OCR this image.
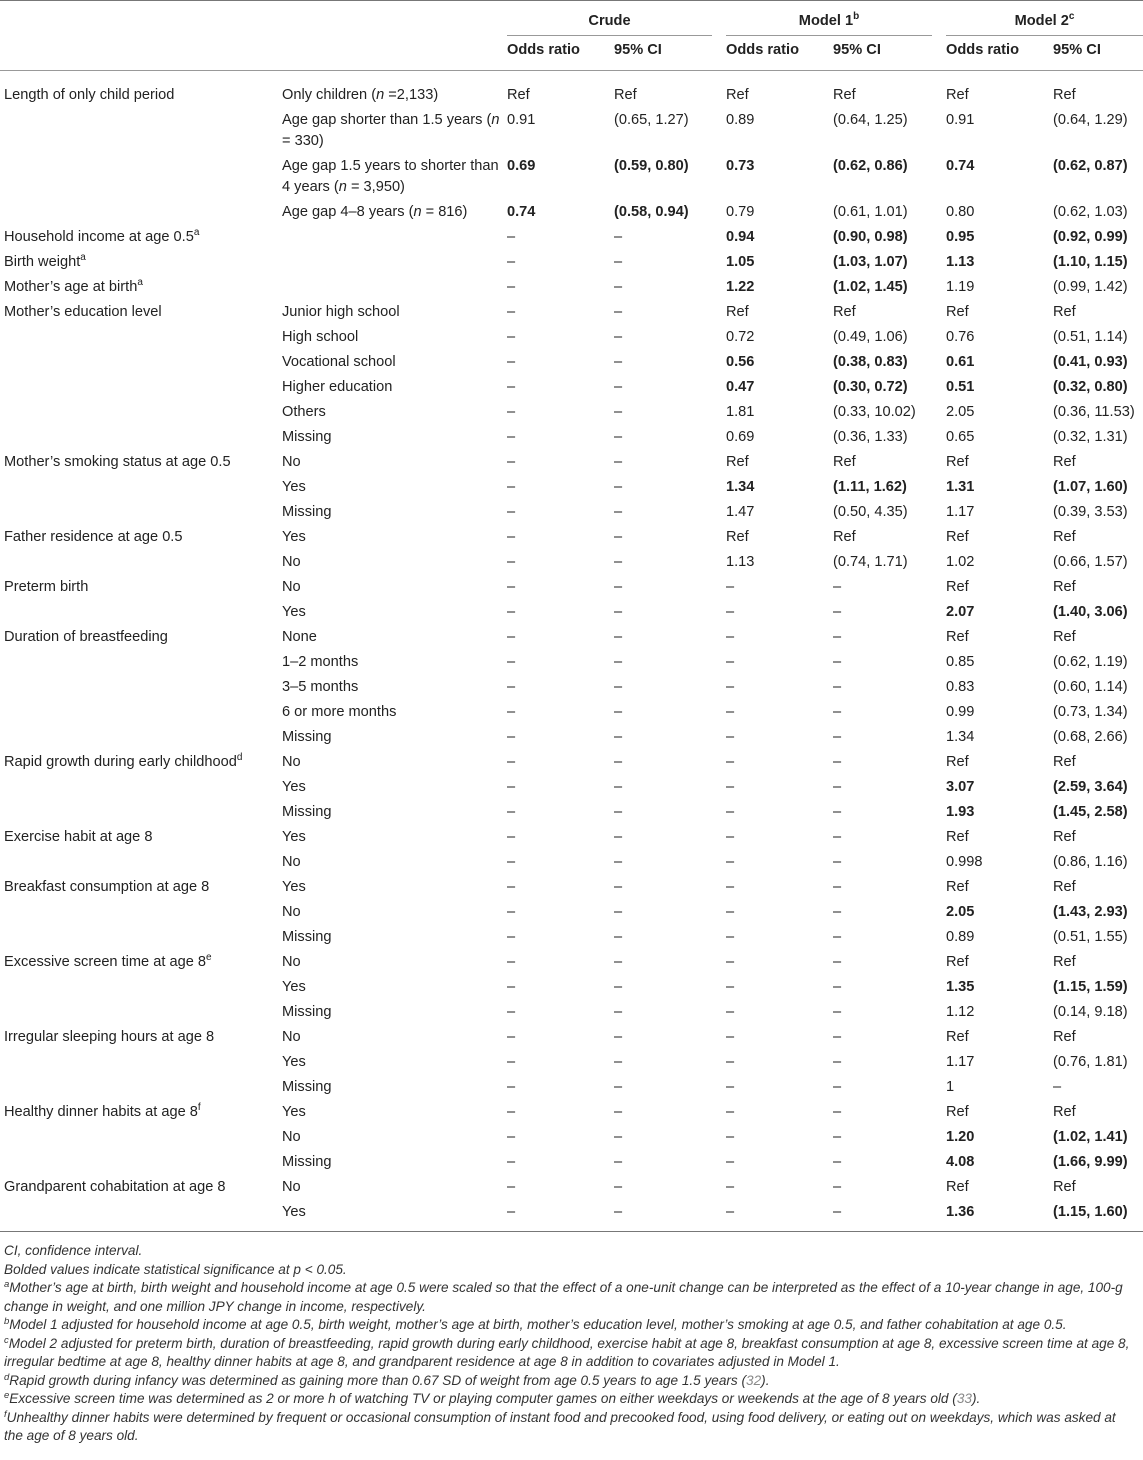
		Crude		Model 1$^b$		Model 2$^c$

		Odds ratio	95% CI	Odds ratio	95% CI	Odds ratio	95% CI

Length of only child period	Only children (n =2,133)	Ref	Ref	Ref	Ref	Ref	Ref
	Age gap shorter than 1.5 years (n = 330)	0.91	(0.65, 1.27)	0.89	(0.64, 1.25)	0.91	(0.64, 1.29)
	Age gap 1.5 years to shorter than 4 years (n = 3,950)	0.69	(0.59, 0.80)	0.73	(0.62, 0.86)	0.74	(0.62, 0.87)
	Age gap 4–8 years (n = 816)	0.74	(0.58, 0.94)	0.79	(0.61, 1.01)	0.80	(0.62, 1.03)
Household income at age 0.5$^a$		–	–	0.94	(0.90, 0.98)	0.95	(0.92, 0.99)
Birth weight$^a$		–	–	1.05	(1.03, 1.07)	1.13	(1.10, 1.15)
Mother’s age at birth$^a$		–	–	1.22	(1.02, 1.45)	1.19	(0.99, 1.42)
Mother’s education level	Junior high school	–	–	Ref	Ref	Ref	Ref
	High school	–	–	0.72	(0.49, 1.06)	0.76	(0.51, 1.14)
	Vocational school	–	–	0.56	(0.38, 0.83)	0.61	(0.41, 0.93)
	Higher education	–	–	0.47	(0.30, 0.72)	0.51	(0.32, 0.80)
	Others	–	–	1.81	(0.33, 10.02)	2.05	(0.36, 11.53)
	Missing	–	–	0.69	(0.36, 1.33)	0.65	(0.32, 1.31)
Mother’s smoking status at age 0.5	No	–	–	Ref	Ref	Ref	Ref
	Yes	–	–	1.34	(1.11, 1.62)	1.31	(1.07, 1.60)
	Missing	–	–	1.47	(0.50, 4.35)	1.17	(0.39, 3.53)
Father residence at age 0.5	Yes	–	–	Ref	Ref	Ref	Ref
	No	–	–	1.13	(0.74, 1.71)	1.02	(0.66, 1.57)
Preterm birth	No	–	–	–	–	Ref	Ref
	Yes	–	–	–	–	2.07	(1.40, 3.06)
Duration of breastfeeding	None	–	–	–	–	Ref	Ref
	1–2 months	–	–	–	–	0.85	(0.62, 1.19)
	3–5 months	–	–	–	–	0.83	(0.60, 1.14)
	6 or more months	–	–	–	–	0.99	(0.73, 1.34)
	Missing	–	–	–	–	1.34	(0.68, 2.66)
Rapid growth during early childhood$^d$	No	–	–	–	–	Ref	Ref
	Yes	–	–	–	–	3.07	(2.59, 3.64)
	Missing	–	–	–	–	1.93	(1.45, 2.58)
Exercise habit at age 8	Yes	–	–	–	–	Ref	Ref
	No	–	–	–	–	0.998	(0.86, 1.16)
Breakfast consumption at age 8	Yes	–	–	–	–	Ref	Ref
	No	–	–	–	–	2.05	(1.43, 2.93)
	Missing	–	–	–	–	0.89	(0.51, 1.55)
Excessive screen time at age 8e	No	–	–	–	–	Ref	Ref
	Yes	–	–	–	–	1.35	(1.15, 1.59)
	Missing	–	–	–	–	1.12	(0.14, 9.18)
Irregular sleeping hours at age 8	No	–	–	–	–	Ref	Ref
	Yes	–	–	–	–	1.17	(0.76, 1.81)
	Missing	–	–	–	–	1	–
Healthy dinner habits at age 8$^f$	Yes	–	–	–	–	Ref	Ref
	No	–	–	–	–	1.20	(1.02, 1.41)
	Missing	–	–	–	–	4.08	(1.66, 9.99)
Grandparent cohabitation at age 8	No	–	–	–	–	Ref	Ref
	Yes	–	–	–	–	1.36	(1.15, 1.60)

CI, confidence interval.

Bolded values indicate statistical significance at p < 0.05.

$^a$Mother’s age at birth, birth weight and household income at age 0.5 were scaled so that the effect of a one-unit change can be interpreted as the effect of a 10-year change in age, 100-g change in weight, and one million JPY change in income, respectively.

$^b$Model 1 adjusted for household income at age 0.5, birth weight, mother’s age at birth, mother’s education level, mother’s smoking at age 0.5, and father cohabitation at age 0.5.

$^c$Model 2 adjusted for preterm birth, duration of breastfeeding, rapid growth during early childhood, exercise habit at age 8, breakfast consumption at age 8, excessive screen time at age 8, irregular bedtime at age 8, healthy dinner habits at age 8, and grandparent residence at age 8 in addition to covariates adjusted in Model 1.

$^d$Rapid growth during infancy was determined as gaining more than 0.67 SD of weight from age 0.5 years to age 1.5 years (32).

$^e$Excessive screen time was determined as 2 or more h of watching TV or playing computer games on either weekdays or weekends at the age of 8 years old (33).

$^f$Unhealthy dinner habits were determined by frequent or occasional consumption of instant food and precooked food, using food delivery, or eating out on weekdays, which was asked at the age of 8 years old.
